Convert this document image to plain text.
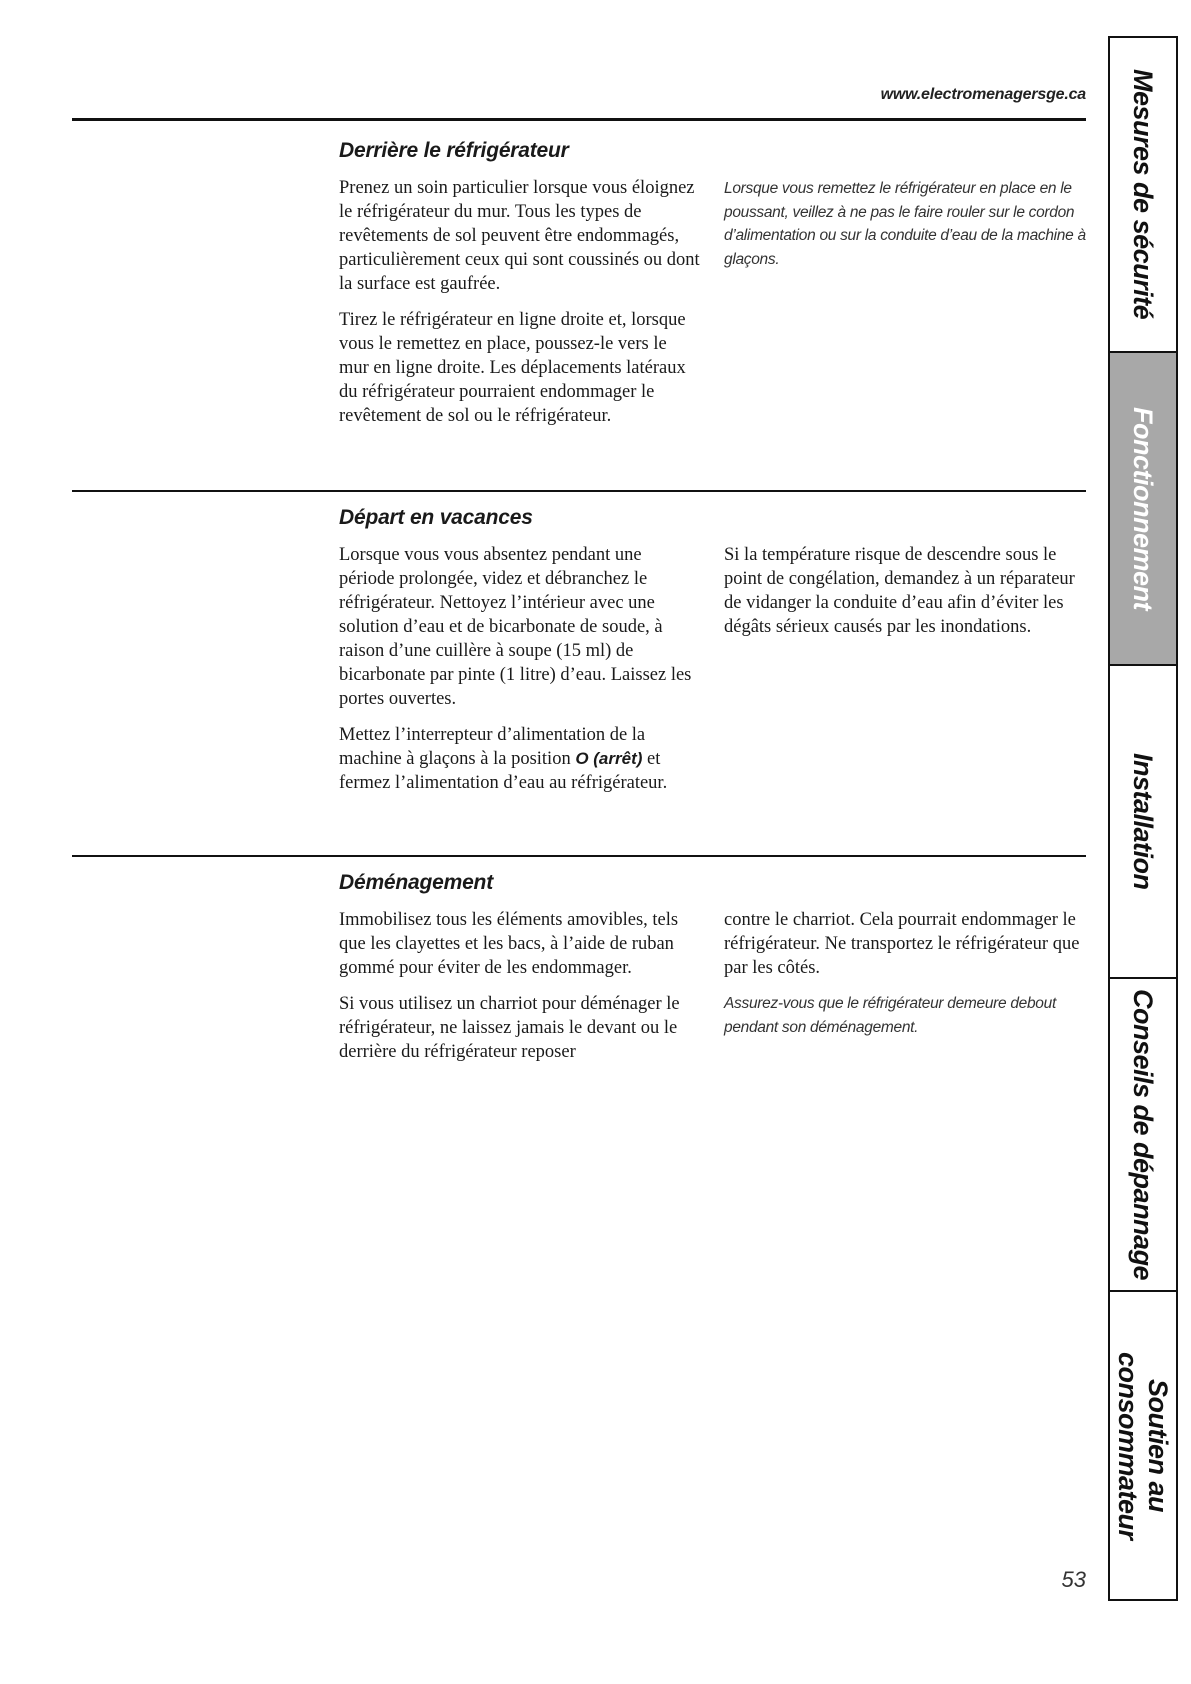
www.electromenagersge.ca
Derrière le réfrigérateur

Prenez un soin particulier lorsque vous éloignez le réfrigérateur du mur. Tous les types de revêtements de sol peuvent être endommagés, particulièrement ceux qui sont coussinés ou dont la surface est gaufrée.

Tirez le réfrigérateur en ligne droite et, lorsque vous le remettez en place, poussez-le vers le mur en ligne droite. Les déplacements latéraux du réfrigérateur pourraient endommager le revêtement de sol ou le réfrigérateur.

Lorsque vous remettez le réfrigérateur en place en le poussant, veillez à ne pas le faire rouler sur le cordon d’alimentation ou sur la conduite d’eau de la machine à glaçons.

Départ en vacances

Lorsque vous vous absentez pendant une période prolongée, videz et débranchez le réfrigérateur. Nettoyez l’intérieur avec une solution d’eau et de bicarbonate de soude, à raison d’une cuillère à soupe (15 ml) de bicarbonate par pinte (1 litre) d’eau. Laissez les portes ouvertes.

Mettez l’interrepteur d’alimentation de la machine à glaçons à la position O (arrêt) et fermez l’alimentation d’eau au réfrigérateur.

Si la température risque de descendre sous le point de congélation, demandez à un réparateur de vidanger la conduite d’eau afin d’éviter les dégâts sérieux causés par les inondations.

Déménagement

Immobilisez tous les éléments amovibles, tels que les clayettes et les bacs, à l’aide de ruban gommé pour éviter de les endommager.

Si vous utilisez un charriot pour déménager le réfrigérateur, ne laissez jamais le devant ou le derrière du réfrigérateur reposer

contre le charriot. Cela pourrait endommager le réfrigérateur. Ne transportez le réfrigérateur que par les côtés.

Assurez-vous que le réfrigérateur demeure debout pendant son déménagement.

Mesures de sécurité
Fonctionnement
Installation
Conseils de dépannage
Soutien au
consommateur
53
